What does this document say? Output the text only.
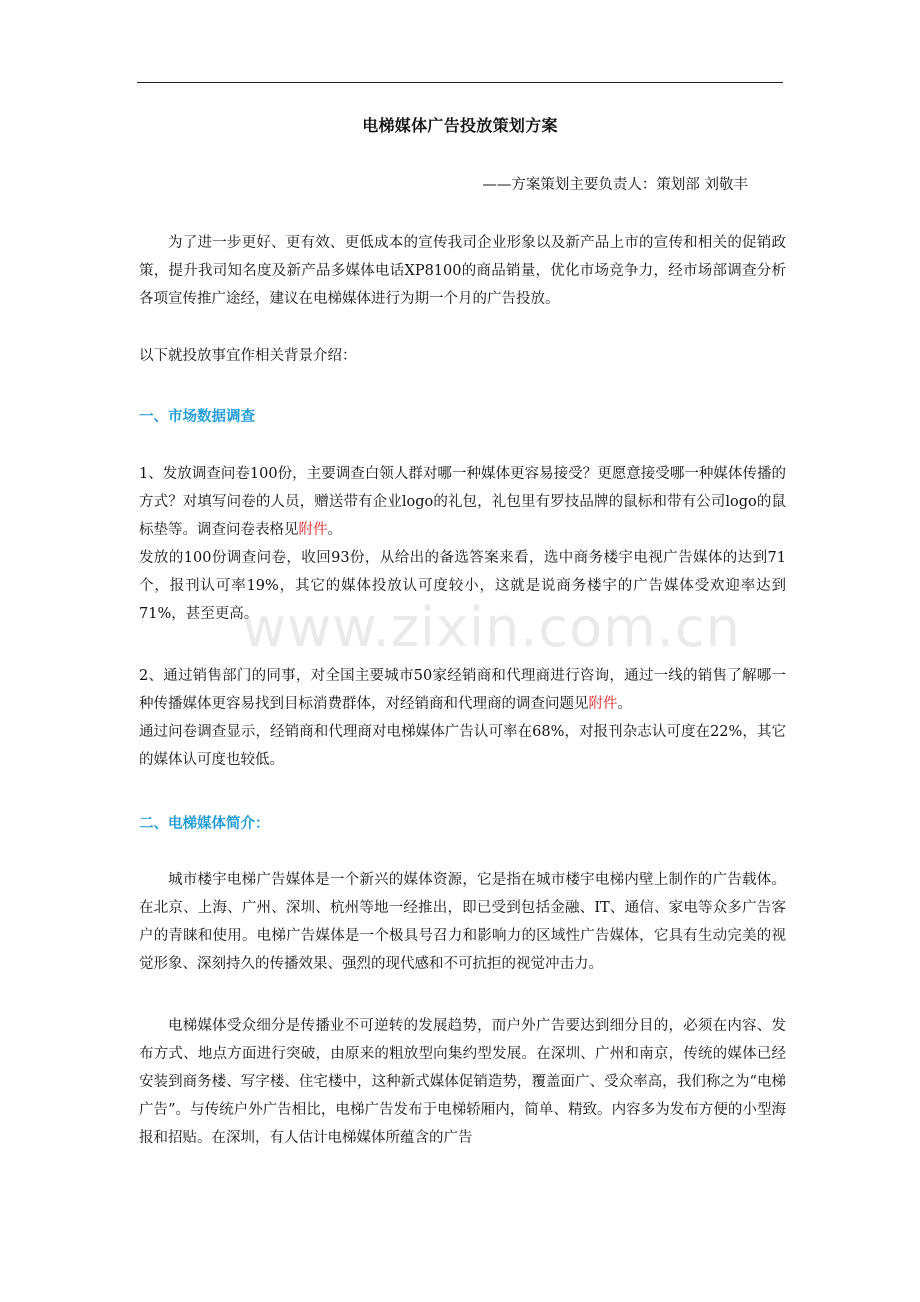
电梯媒体广告投放策划方案
——方案策划主要负责人：策划部 刘敬丰

为了进一步更好、更有效、更低成本的宣传我司企业形象以及新产品上市的宣传和相关的促销政策，提升我司知名度及新产品多媒体电话XP8100的商品销量，优化市场竞争力，经市场部调查分析各项宣传推广途经，建议在电梯媒体进行为期一个月的广告投放。

以下就投放事宜作相关背景介绍：

一、市场数据调查

1、发放调查问卷100份，主要调查白领人群对哪一种媒体更容易接受？更愿意接受哪一种媒体传播的方式？对填写问卷的人员，赠送带有企业logo的礼包，礼包里有罗技品牌的鼠标和带有公司logo的鼠标垫等。调查问卷表格见附件。

发放的100份调查问卷，收回93份，从给出的备选答案来看，选中商务楼宇电视广告媒体的达到71个，报刊认可率19%，其它的媒体投放认可度较小，这就是说商务楼宇的广告媒体受欢迎率达到71%，甚至更高。

2、通过销售部门的同事，对全国主要城市50家经销商和代理商进行咨询，通过一线的销售了解哪一种传播媒体更容易找到目标消费群体，对经销商和代理商的调查问题见附件。

通过问卷调查显示，经销商和代理商对电梯媒体广告认可率在68%，对报刊杂志认可度在22%，其它的媒体认可度也较低。

二、电梯媒体简介：

城市楼宇电梯广告媒体是一个新兴的媒体资源，它是指在城市楼宇电梯内壁上制作的广告载体。在北京、上海、广州、深圳、杭州等地一经推出，即已受到包括金融、IT、通信、家电等众多广告客户的青睐和使用。电梯广告媒体是一个极具号召力和影响力的区域性广告媒体，它具有生动完美的视觉形象、深刻持久的传播效果、强烈的现代感和不可抗拒的视觉冲击力。

电梯媒体受众细分是传播业不可逆转的发展趋势，而户外广告要达到细分目的，必须在内容、发布方式、地点方面进行突破，由原来的粗放型向集约型发展。在深圳、广州和南京，传统的媒体已经安装到商务楼、写字楼、住宅楼中，这种新式媒体促销造势，覆盖面广、受众率高，我们称之为“电梯广告”。与传统户外广告相比，电梯广告发布于电梯轿厢内，简单、精致。内容多为发布方便的小型海报和招贴。在深圳，有人估计电梯媒体所蕴含的广告

www.zixin.com.cn
